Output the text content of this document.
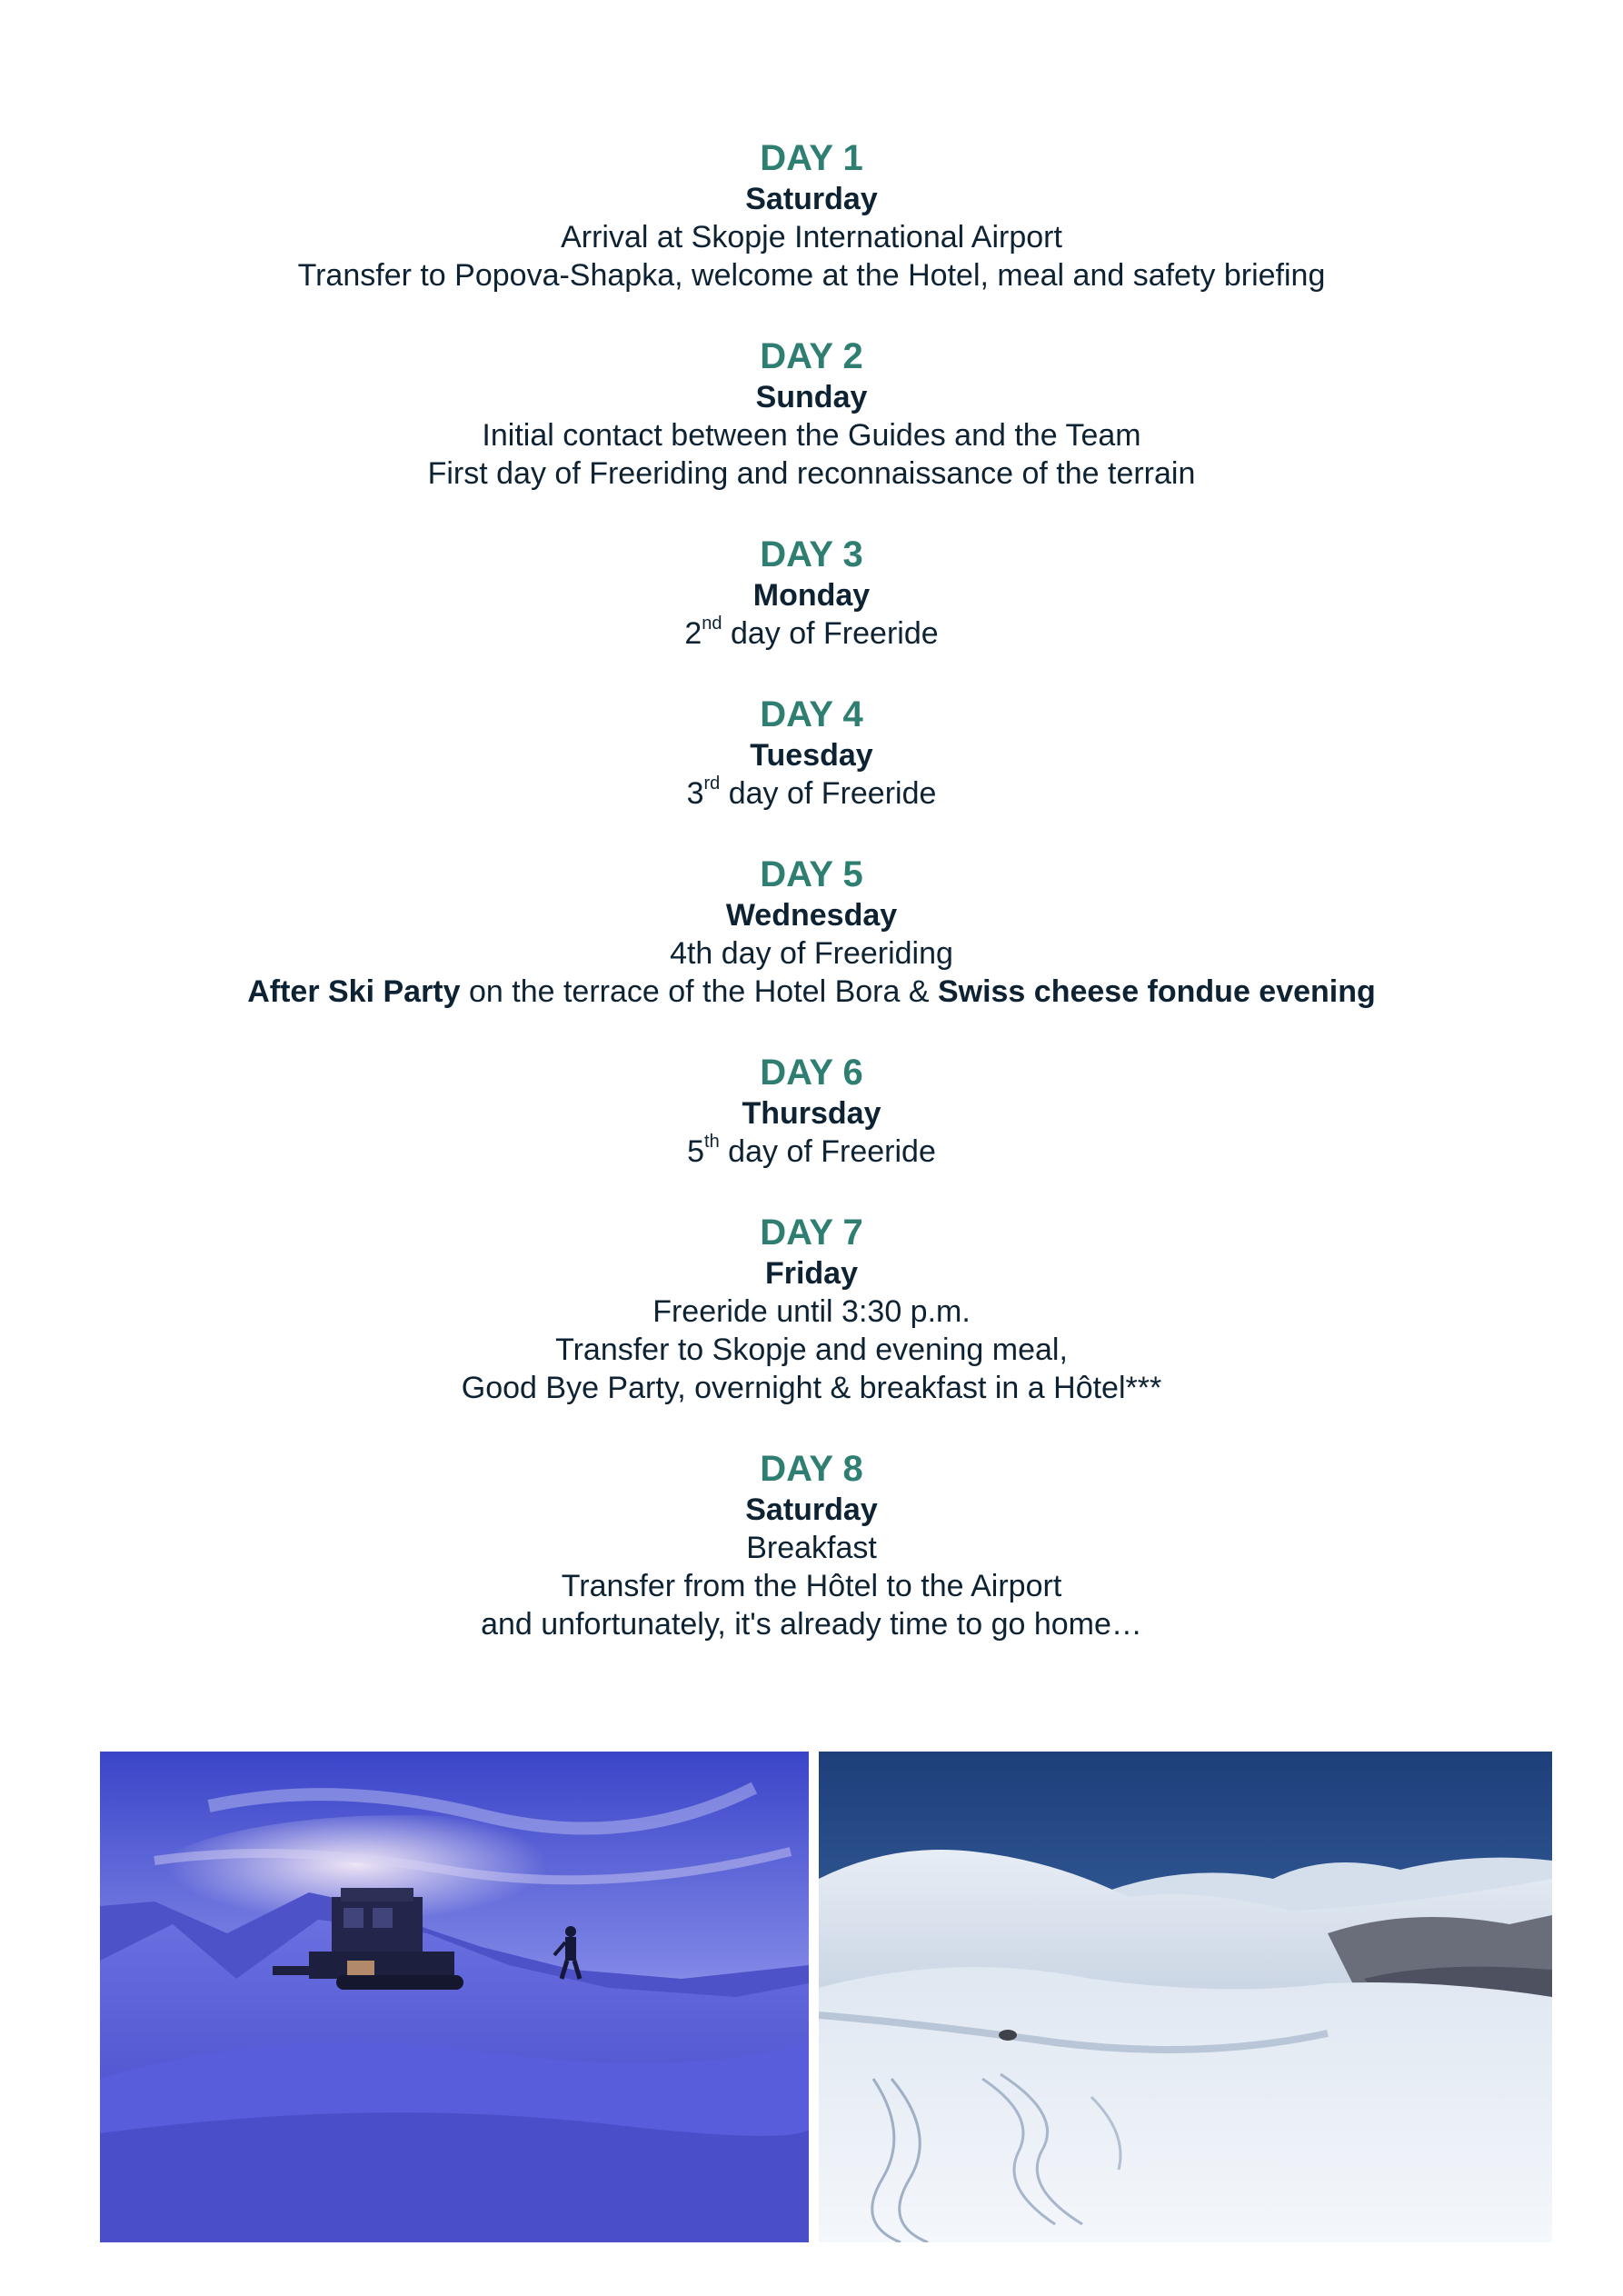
DAY 1
Saturday
Arrival at Skopje International Airport
Transfer to Popova-Shapka, welcome at the Hotel, meal and safety briefing
DAY 2
Sunday
Initial contact between the Guides and the Team
First day of Freeriding and reconnaissance of the terrain
DAY 3
Monday
2nd day of Freeride
DAY 4
Tuesday
3rd day of Freeride
DAY 5
Wednesday
4th day of Freeriding
After Ski Party on the terrace of the Hotel Bora & Swiss cheese fondue evening
DAY 6
Thursday
5th day of Freeride
DAY 7
Friday
Freeride until 3:30 p.m.
Transfer to Skopje and evening meal,
Good Bye Party, overnight & breakfast in a Hôtel***
DAY 8
Saturday
Breakfast
Transfer from the Hôtel to the Airport
and unfortunately, it's already time to go home…
